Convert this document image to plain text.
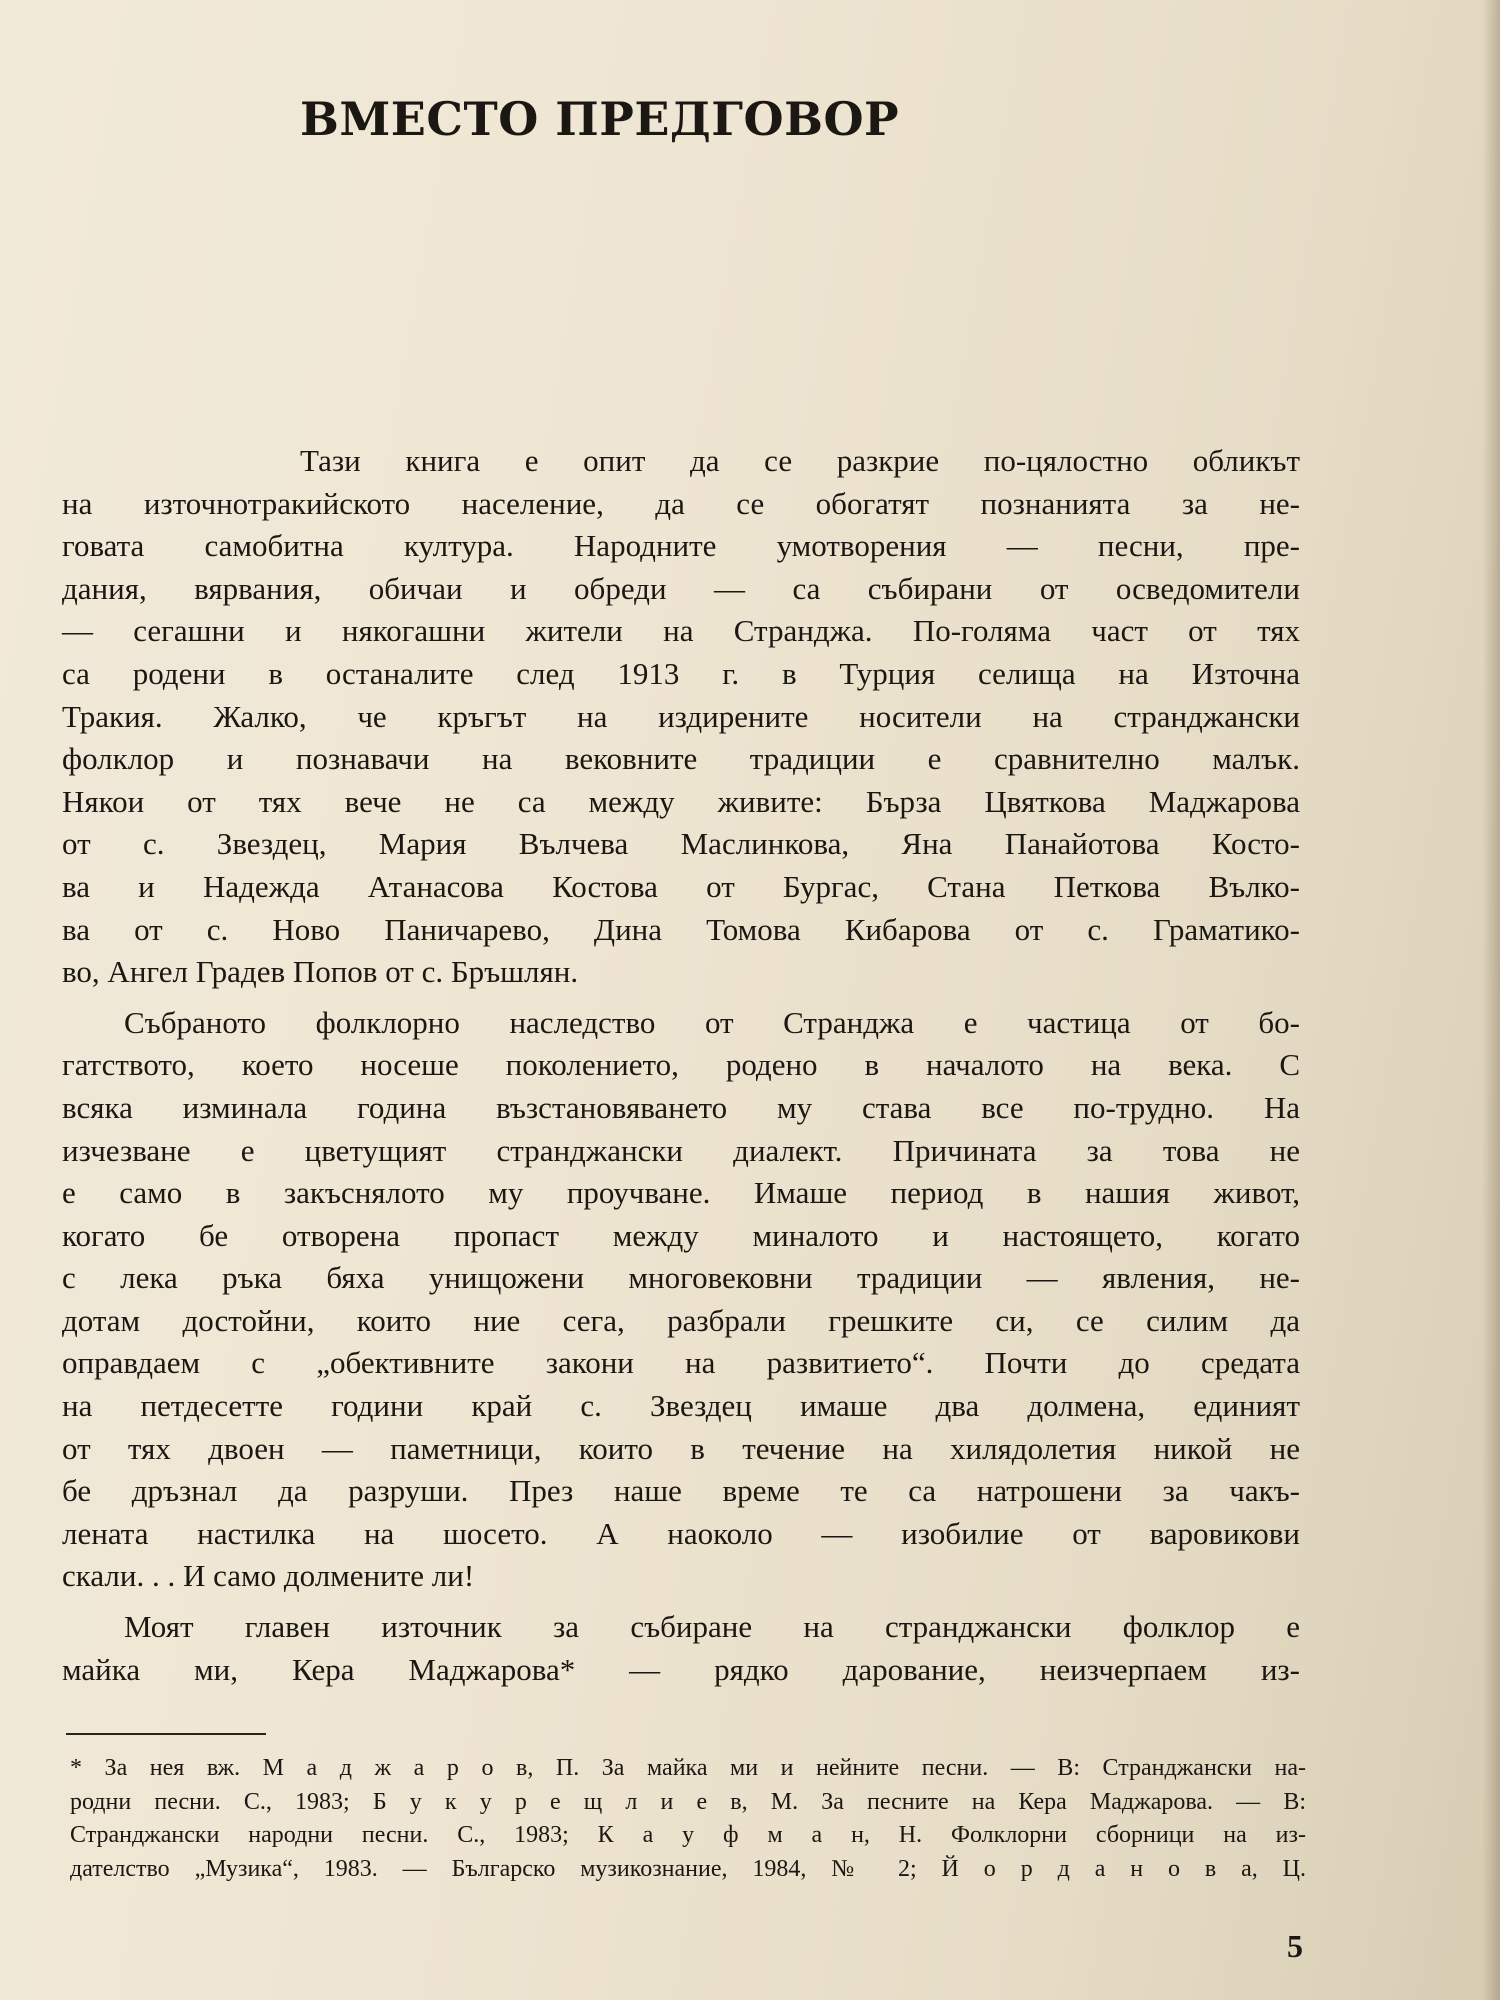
ВМЕСТО ПРЕДГОВОР
Тази книга е опит да се разкрие по-цялостно обликът
на източнотракийското население, да се обогатят познанията за не-
говата самобитна култура. Народните умотворения — песни, пре-
дания, вярвания, обичаи и обреди — са събирани от осведомители
— сегашни и някогашни жители на Странджа. По-голяма част от тях
са родени в останалите след 1913 г. в Турция селища на Източна
Тракия. Жалко, че кръгът на издирените носители на странджански
фолклор и познавачи на вековните традиции е сравнително малък.
Някои от тях вече не са между живите: Бърза Цвяткова Маджарова
от с. Звездец, Мария Вълчева Маслинкова, Яна Панайотова Косто-
ва и Надежда Атанасова Костова от Бургас, Стана Петкова Вълко-
ва от с. Ново Паничарево, Дина Томова Кибарова от с. Граматико-
во, Ангел Градев Попов от с. Бръшлян.
Събраното фолклорно наследство от Странджа е частица от бо-
гатството, което носеше поколението, родено в началото на века. С
всяка изминала година възстановяването му става все по-трудно. На
изчезване е цветущият странджански диалект. Причината за това не
е само в закъснялото му проучване. Имаше период в нашия живот,
когато бе отворена пропаст между миналото и настоящето, когато
с лека ръка бяха унищожени многовековни традиции — явления, не-
дотам достойни, които ние сега, разбрали грешките си, се силим да
оправдаем с „обективните закони на развитието“. Почти до средата
на петдесетте години край с. Звездец имаше два долмена, единият
от тях двоен — паметници, които в течение на хилядолетия никой не
бе дръзнал да разруши. През наше време те са натрошени за чакъ-
лената настилка на шосето. А наоколо — изобилие от варовикови
скали. . . И само долмените ли!
Моят главен източник за събиране на странджански фолклор е
майка ми, Кера Маджарова* — рядко дарование, неизчерпаем из-
* За нея вж. М а д ж а р о в, П. За майка ми и нейните песни. — В: Странджански на-
родни песни. С., 1983; Б у к у р е щ л и е в, М. За песните на Кера Маджарова. — В:
Странджански народни песни. С., 1983; К а у ф м а н, Н. Фолклорни сборници на из-
дателство „Музика“, 1983. — Българско музикознание, 1984, № 2; Й о р д а н о в а, Ц.
5
